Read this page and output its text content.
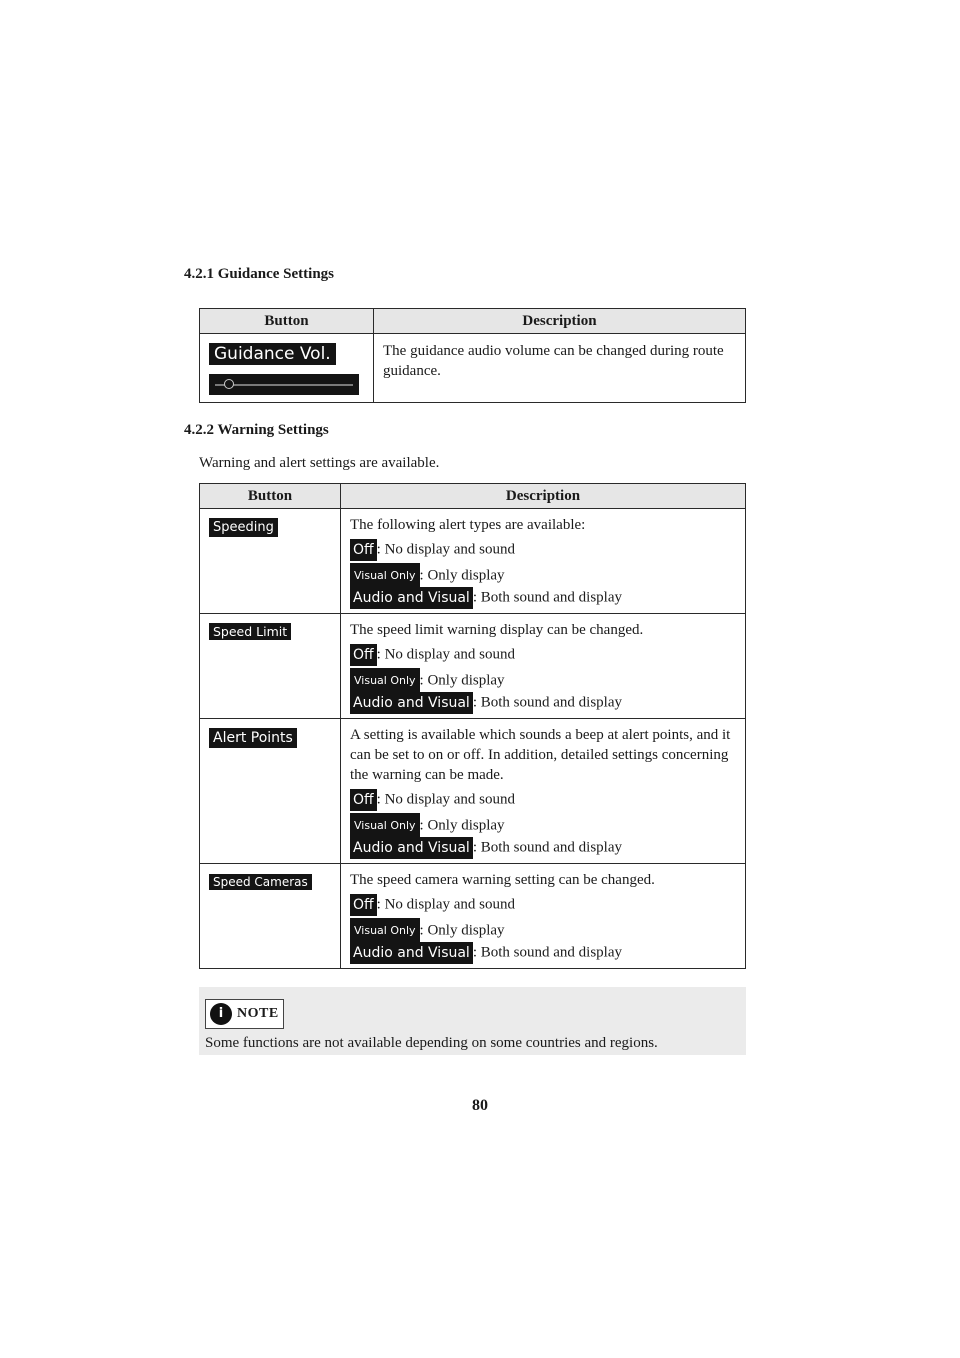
4.2.1 Guidance Settings
Button	Description
Guidance Vol.	The guidance audio volume can be changed during route guidance.
4.2.2 Warning Settings
Warning and alert settings are available.
Button	Description
Speeding	The following alert types are available:
Off : No display and sound
Visual Only : Only display
Audio and Visual : Both sound and display

Speed Limit	The speed limit warning display can be changed.
Off : No display and sound
Visual Only : Only display
Audio and Visual : Both sound and display

Alert Points	A setting is available which sounds a beep at alert points, and it can be set to on or off. In addition, detailed settings concerning the warning can be made.
Off : No display and sound
Visual Only : Only display
Audio and Visual : Both sound and display

Speed Cameras	The speed camera warning setting can be changed.
Off : No display and sound
Visual Only : Only display
Audio and Visual : Both sound and display
i NOTE
Some functions are not available depending on some countries and regions.
80
